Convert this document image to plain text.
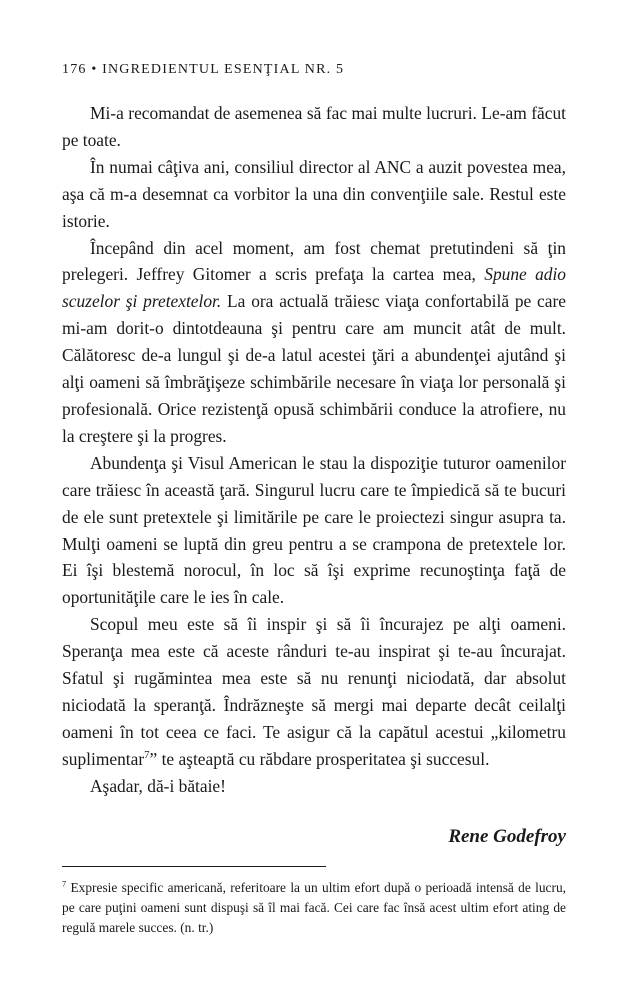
176 • INGREDIENTUL ESENŢIAL NR. 5

Mi-a recomandat de asemenea să fac mai multe lucruri. Le-am făcut pe toate.

În numai câţiva ani, consiliul director al ANC a auzit povestea mea, aşa că m-a desemnat ca vorbitor la una din convenţiile sale. Restul este istorie.

Începând din acel moment, am fost chemat pretutindeni să ţin prelegeri. Jeffrey Gitomer a scris prefaţa la cartea mea, Spune adio scuzelor şi pretextelor. La ora actuală trăiesc viaţa confortabilă pe care mi-am dorit-o dintotdeauna şi pentru care am muncit atât de mult. Călătoresc de-a lungul şi de-a latul acestei ţări a abundenţei ajutând şi alţi oameni să îmbrăţişeze schimbările necesare în viaţa lor personală şi profesională. Orice rezistenţă opusă schimbării conduce la atrofiere, nu la creştere şi la progres.

Abundenţa şi Visul American le stau la dispoziţie tuturor oamenilor care trăiesc în această ţară. Singurul lucru care te împiedică să te bucuri de ele sunt pretextele şi limitările pe care le proiectezi singur asupra ta. Mulţi oameni se luptă din greu pentru a se crampona de pretextele lor. Ei îşi blestemă norocul, în loc să îşi exprime recunoştinţa faţă de oportunităţile care le ies în cale.

Scopul meu este să îi inspir şi să îi încurajez pe alţi oameni. Speranţa mea este că aceste rânduri te-au inspirat şi te-au încurajat. Sfatul şi rugămintea mea este să nu renunţi niciodată, dar absolut niciodată la speranţă. Îndrăzneşte să mergi mai departe decât ceilalţi oameni în tot ceea ce faci. Te asigur că la capătul acestui „kilometru suplimentar$^7$” te aşteaptă cu răbdare prosperitatea şi succesul.

Aşadar, dă-i bătaie!

Rene Godefroy
$^7$ Expresie specific americană, referitoare la un ultim efort după o perioadă intensă de lucru, pe care puţini oameni sunt dispuşi să îl mai facă. Cei care fac însă acest ultim efort ating de regulă marele succes. (n. tr.)
